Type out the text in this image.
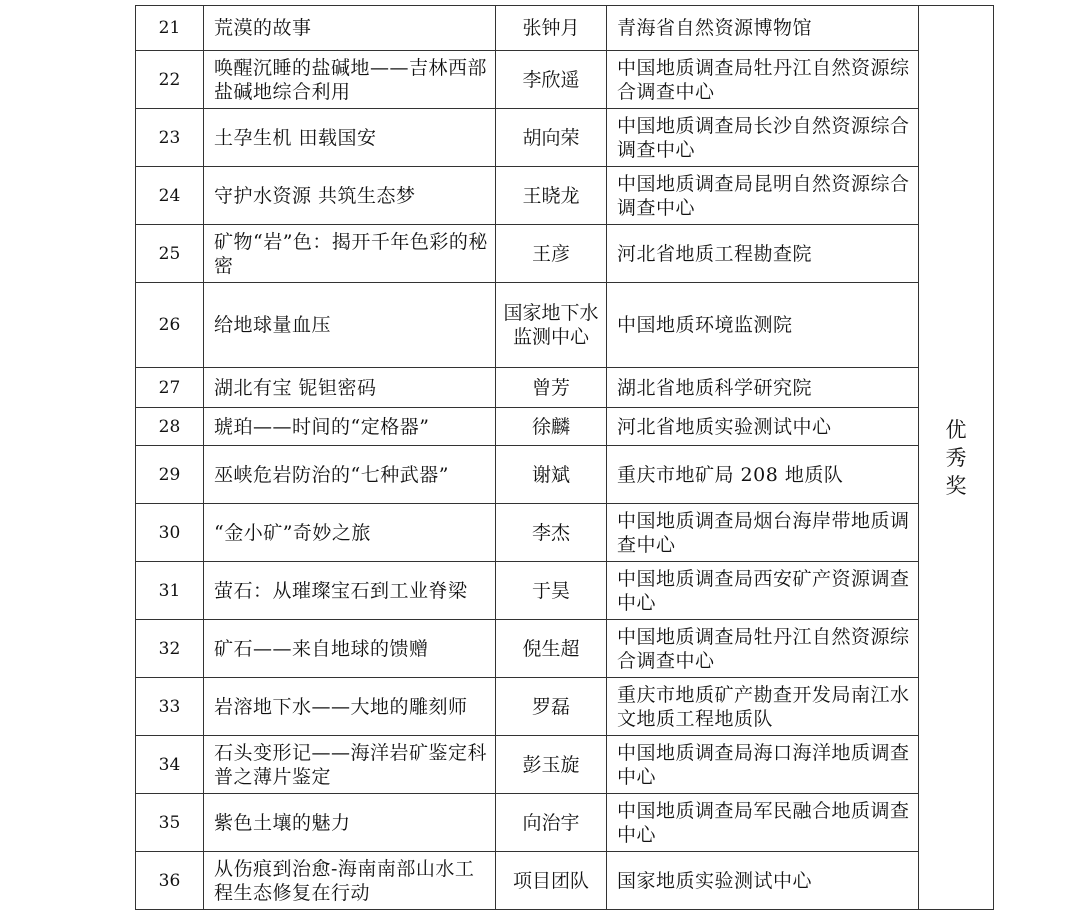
21	荒漠的故事	张钟月	青海省自然资源博物馆	优秀奖
22	唤醒沉睡的盐碱地——吉林西部盐碱地综合利用	李欣遥	中国地质调查局牡丹江自然资源综合调查中心	
23	土孕生机 田载国安	胡向荣	中国地质调查局长沙自然资源综合调查中心	
24	守护水资源 共筑生态梦	王晓龙	中国地质调查局昆明自然资源综合调查中心	
25	矿物“岩”色：揭开千年色彩的秘密	王彦	河北省地质工程勘查院	
26	给地球量血压	国家地下水监测中心	中国地质环境监测院	
27	湖北有宝 铌钽密码	曾芳	湖北省地质科学研究院	
28	琥珀——时间的“定格器”	徐麟	河北省地质实验测试中心	
29	巫峡危岩防治的“七种武器”	谢斌	重庆市地矿局 208 地质队	
30	“金小矿”奇妙之旅	李杰	中国地质调查局烟台海岸带地质调查中心	
31	萤石：从璀璨宝石到工业脊梁	于昊	中国地质调查局西安矿产资源调查中心	
32	矿石——来自地球的馈赠	倪生超	中国地质调查局牡丹江自然资源综合调查中心	
33	岩溶地下水——大地的雕刻师	罗磊	重庆市地质矿产勘查开发局南江水文地质工程地质队	
34	石头变形记——海洋岩矿鉴定科普之薄片鉴定	彭玉旋	中国地质调查局海口海洋地质调查中心	
35	紫色土壤的魅力	向治宇	中国地质调查局军民融合地质调查中心	
36	从伤痕到治愈-海南南部山水工程生态修复在行动	项目团队	国家地质实验测试中心	
